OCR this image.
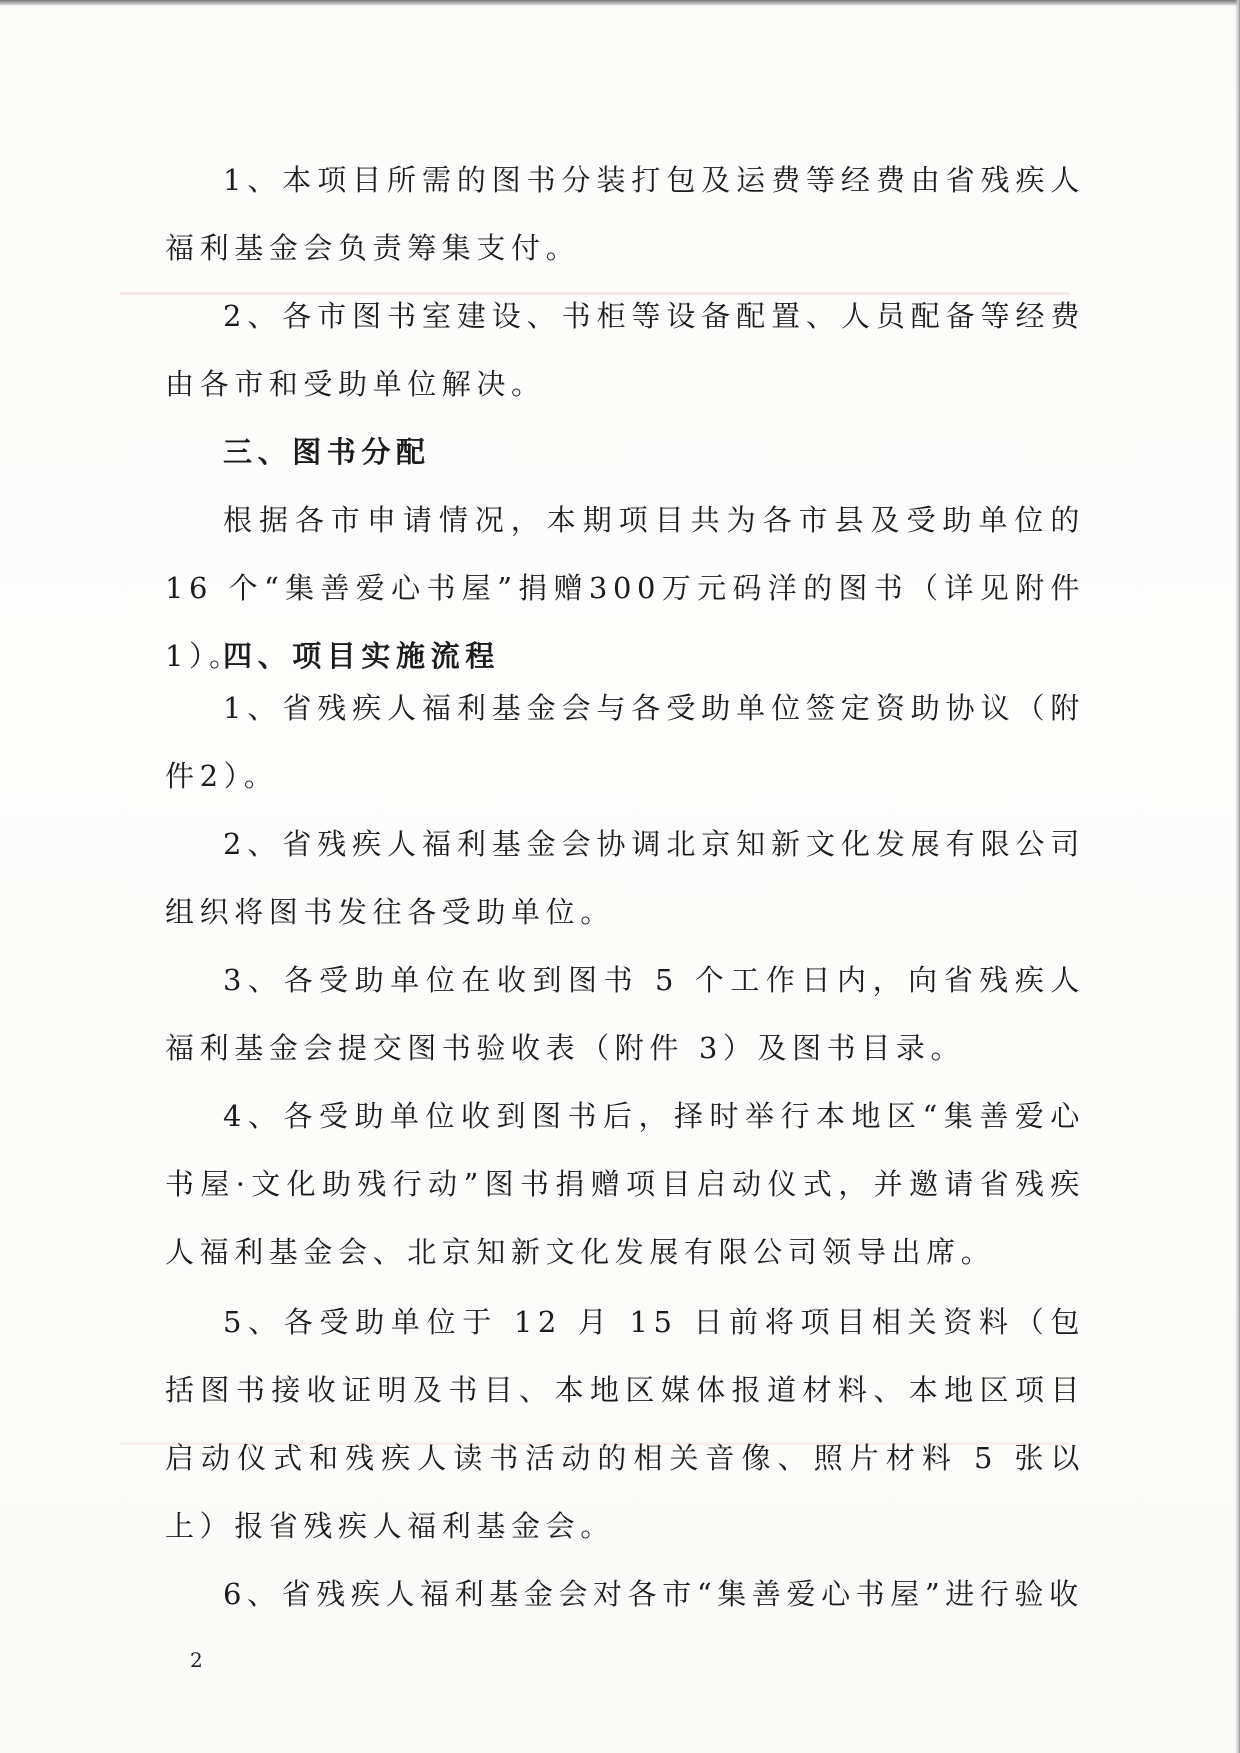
1、本项目所需的图书分装打包及运费等经费由省残疾人福利基金会负责筹集支付。

2、各市图书室建设、书柜等设备配置、人员配备等经费由各市和受助单位解决。

三、图书分配

根据各市申请情况，本期项目共为各市县及受助单位的 16 个“集善爱心书屋”捐赠300万元码洋的图书（详见附件1）。

四、项目实施流程

1、省残疾人福利基金会与各受助单位签定资助协议（附件2）。

2、省残疾人福利基金会协调北京知新文化发展有限公司组织将图书发往各受助单位。

3、各受助单位在收到图书 5 个工作日内，向省残疾人福利基金会提交图书验收表（附件 3）及图书目录。

4、各受助单位收到图书后，择时举行本地区“集善爱心书屋·文化助残行动”图书捐赠项目启动仪式，并邀请省残疾人福利基金会、北京知新文化发展有限公司领导出席。

5、各受助单位于 12 月 15 日前将项目相关资料（包括图书接收证明及书目、本地区媒体报道材料、本地区项目启动仪式和残疾人读书活动的相关音像、照片材料 5 张以上）报省残疾人福利基金会。

6、省残疾人福利基金会对各市“集善爱心书屋”进行验收

2
